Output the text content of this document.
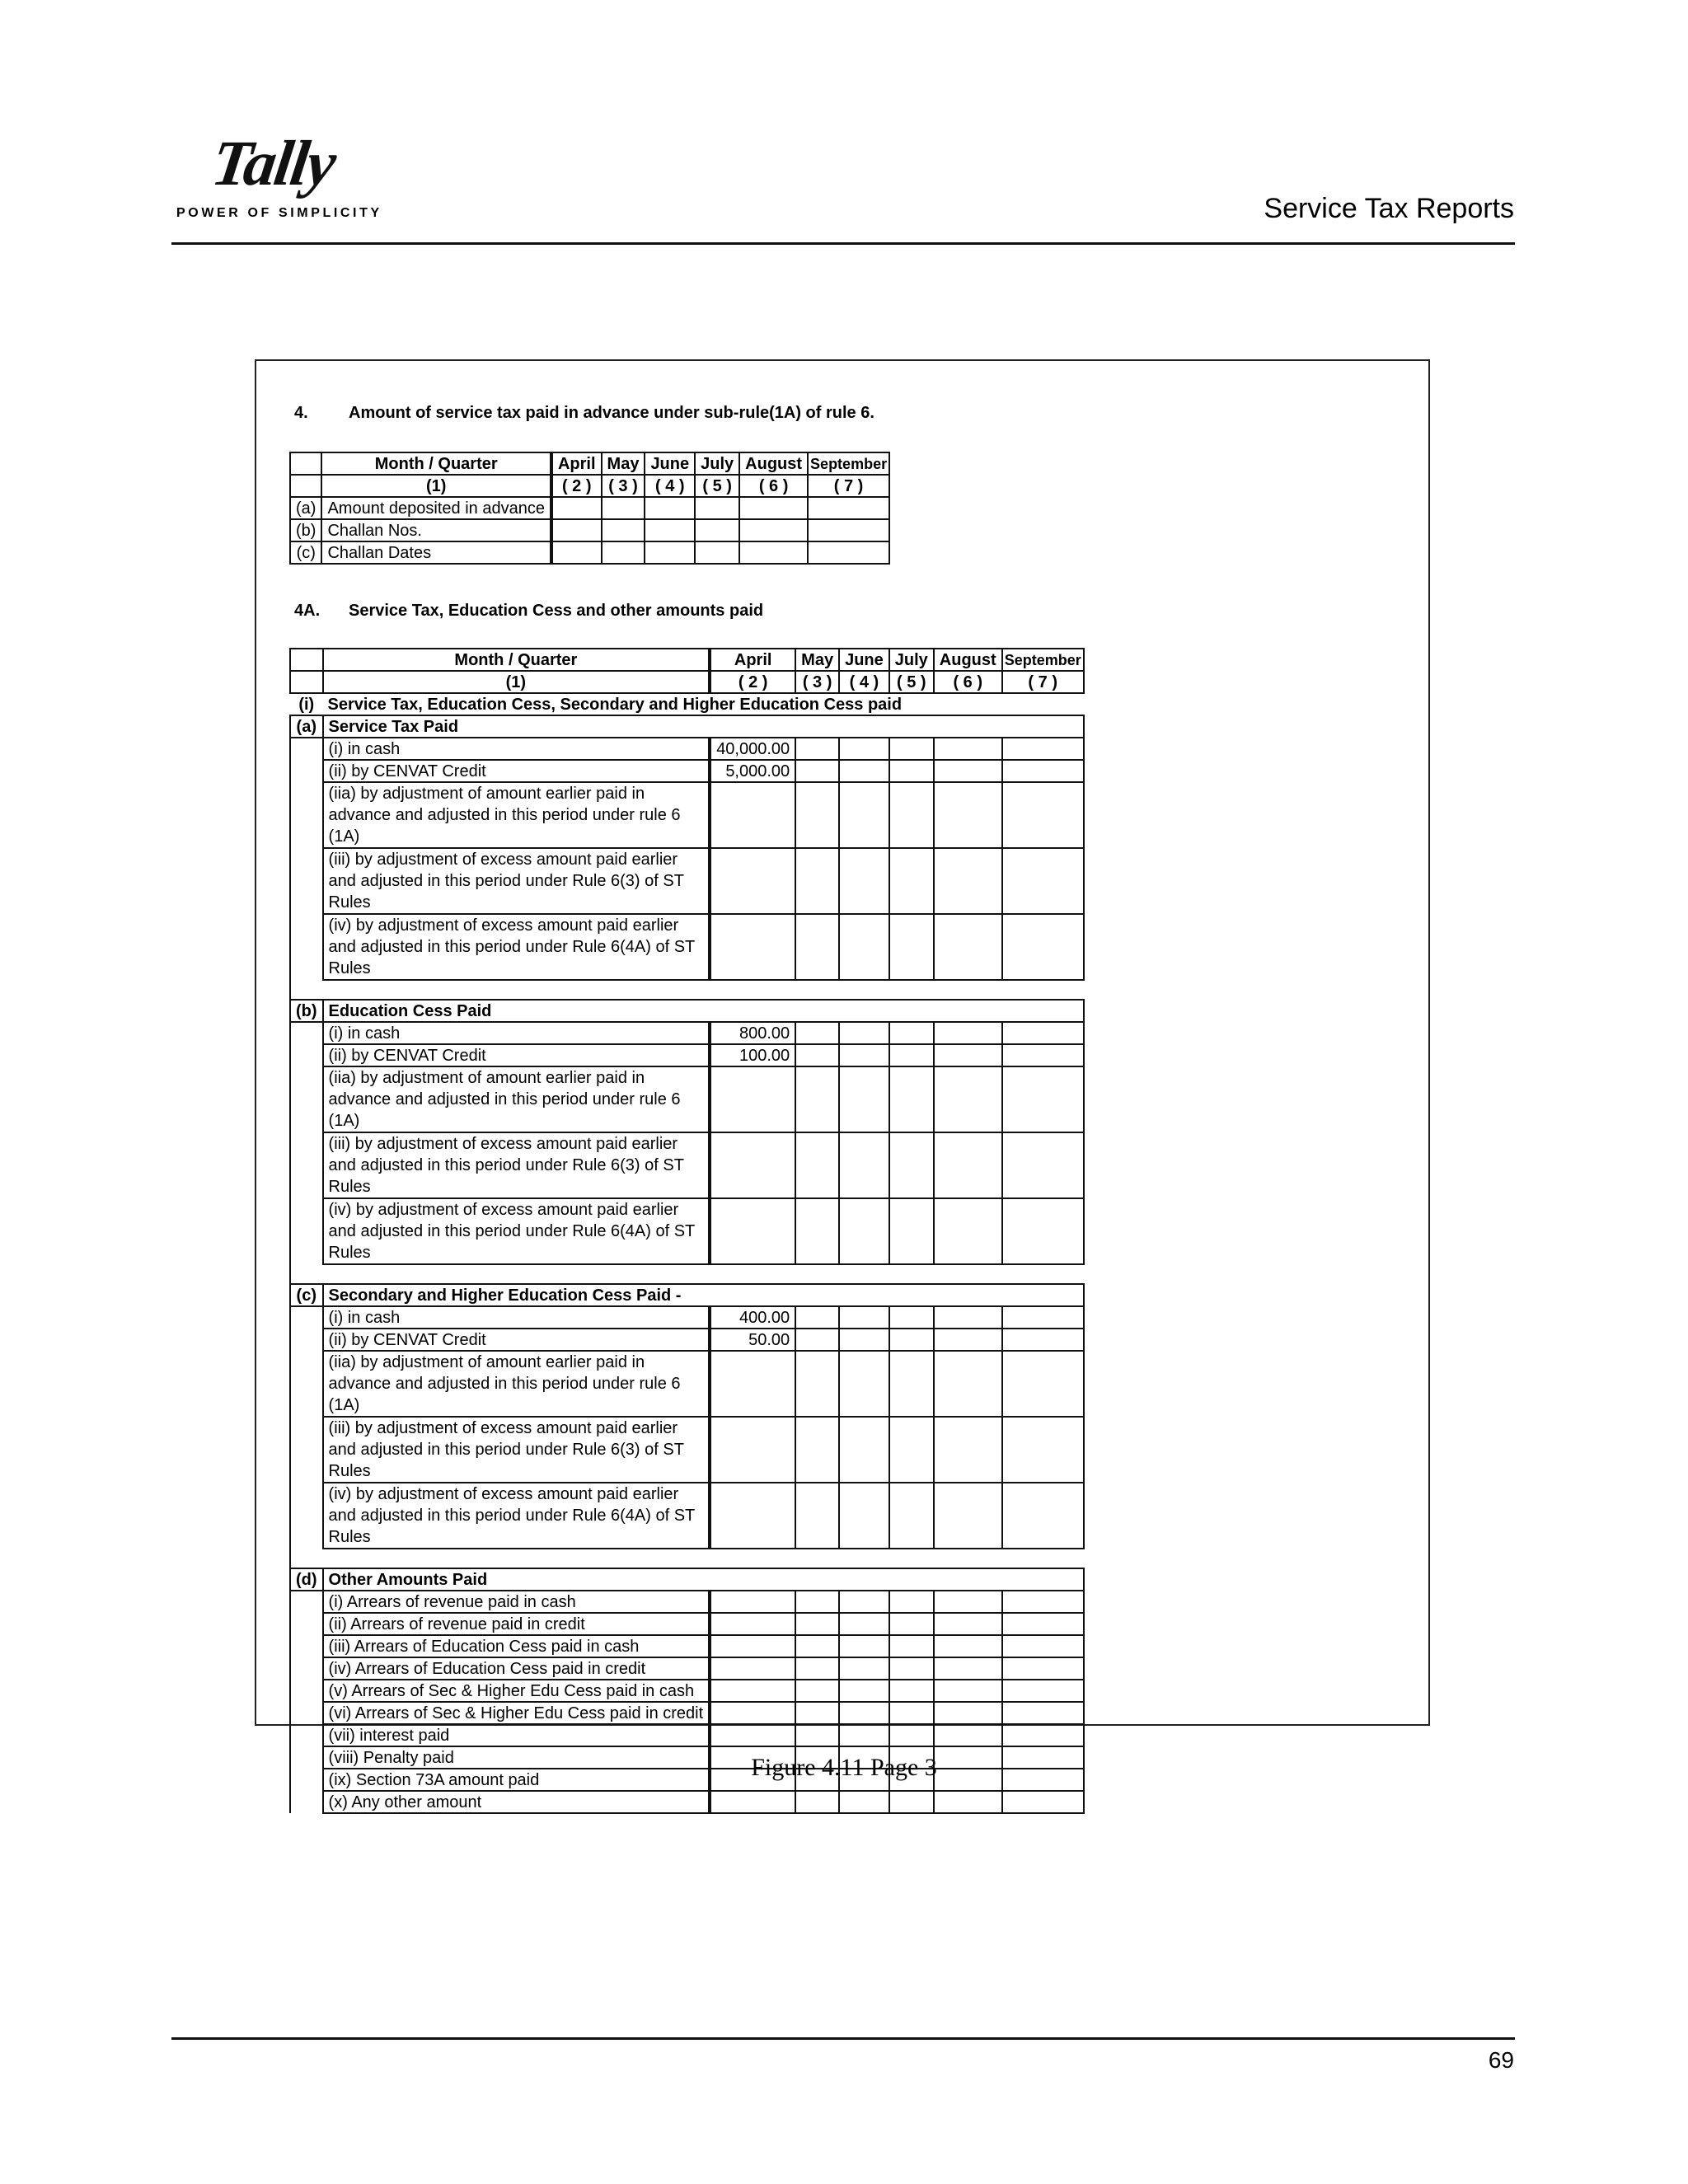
Tally
POWER OF SIMPLICITY	Service Tax Reports
4. Amount of service tax paid in advance under sub-rule(1A) of rule 6.
	Month / Quarter		April	May	June	July	August	September
	(1)		( 2 )	( 3 )	( 4 )	( 5 )	( 6 )	( 7 )
(a)	Amount deposited in advance							
(b)	Challan Nos.							
(c)	Challan Dates							
4A. Service Tax, Education Cess and other amounts paid
	Month / Quarter		April	May	June	July	August	September
	(1)		( 2 )	( 3 )	( 4 )	( 5 )	( 6 )	( 7 )
(i)	Service Tax, Education Cess, Secondary and Higher Education Cess paid							
(a)	Service Tax Paid							
	(i) in cash		40,000.00					
	(ii) by CENVAT Credit		5,000.00					
	(iia) by adjustment of amount earlier paid in advance and adjusted in this period under rule 6 (1A)							
	(iii) by adjustment of excess amount paid earlier and adjusted in this period under Rule 6(3) of ST Rules							
	(iv) by adjustment of excess amount paid earlier and adjusted in this period under Rule 6(4A) of ST Rules							

(b)	Education Cess Paid							
	(i) in cash		800.00					
	(ii) by CENVAT Credit		100.00					
	(iia) by adjustment of amount earlier paid in advance and adjusted in this period under rule 6 (1A)							
	(iii) by adjustment of excess amount paid earlier and adjusted in this period under Rule 6(3) of ST Rules							
	(iv) by adjustment of excess amount paid earlier and adjusted in this period under Rule 6(4A) of ST Rules							

(c)	Secondary and Higher Education Cess Paid -							
	(i) in cash		400.00					
	(ii) by CENVAT Credit		50.00					
	(iia) by adjustment of amount earlier paid in advance and adjusted in this period under rule 6 (1A)							
	(iii) by adjustment of excess amount paid earlier and adjusted in this period under Rule 6(3) of ST Rules							
	(iv) by adjustment of excess amount paid earlier and adjusted in this period under Rule 6(4A) of ST Rules							

(d)	Other Amounts Paid							
	(i) Arrears of revenue paid in cash							
	(ii) Arrears of revenue paid in credit							
	(iii) Arrears of Education Cess paid in cash							
	(iv) Arrears of Education Cess paid in credit							
	(v) Arrears of Sec & Higher Edu Cess paid in cash							
	(vi) Arrears of Sec & Higher Edu Cess paid in credit							
	(vii) interest paid							
	(viii) Penalty paid							
	(ix) Section 73A amount paid							
	(x) Any other amount							
Figure 4.11 Page 3
69
